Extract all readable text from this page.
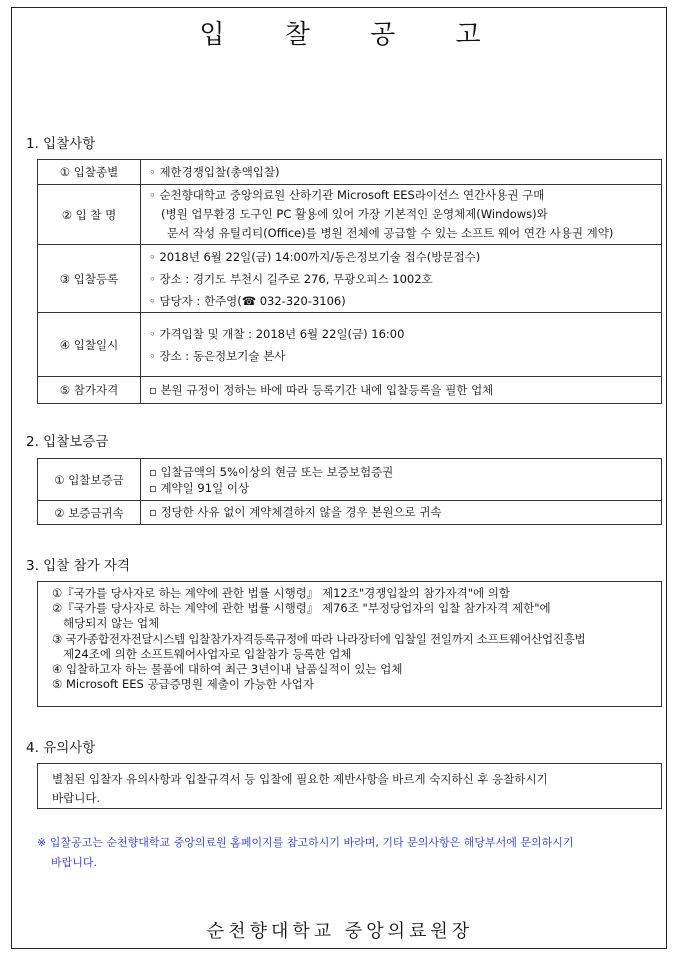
입 찰 공 고
1. 입찰사항
① 입찰종별	◦ 제한경쟁입찰(총액입찰)

② 입 찰 명	◦ 순천향대학교 중앙의료원 산하기관 Microsoft EES라이선스 연간사용권 구매
(병원 업무환경 도구인 PC 활용에 있어 가장 기본적인 운영체제(Windows)와
문서 작성 유틸리티(Office)를 병원 전체에 공급할 수 있는 소프트 웨어 연간 사용권 계약)

③ 입찰등록	◦ 2018년 6월 22일(금) 14:00까지/동은정보기술 접수(방문접수)
◦ 장소 : 경기도 부천시 길주로 276, 무광오피스 1002호
◦ 담당자 : 한주영(☎ 032-320-3106)

④ 입찰일시	◦ 가격입찰 및 개찰 : 2018년 6월 22일(금) 16:00
◦ 장소 : 동은정보기술 본사

⑤ 참가자격	▫ 본원 규정이 정하는 바에 따라 등록기간 내에 입찰등록을 필한 업체
2. 입찰보증금
① 입찰보증금	▫ 입찰금액의 5%이상의 현금 또는 보증보험증권
▫ 계약일 91일 이상

② 보증금귀속	▫ 정당한 사유 없이 계약체결하지 않을 경우 본원으로 귀속
3. 입찰 참가 자격
①『국가를 당사자로 하는 계약에 관한 법률 시행령』 제12조"경쟁입찰의 참가자격"에 의함
②『국가를 당사자로 하는 계약에 관한 법률 시행령』 제76조 "부정당업자의 입찰 참가자격 제한"에
해당되지 않는 업체
③ 국가종합전자전달시스템 입찰참가자격등록규정에 따라 나라장터에 입찰일 전일까지 소프트웨어산업진흥법
제24조에 의한 소프트웨어사업자로 입찰참가 등록한 업체
④ 입찰하고자 하는 물품에 대하여 최근 3년이내 납품실적이 있는 업체
⑤ Microsoft EES 공급증명원 제출이 가능한 사업자
4. 유의사항
별첨된 입찰자 유의사항과 입찰규격서 등 입찰에 필요한 제반사항을 바르게 숙지하신 후 응찰하시기
바랍니다.
※ 입찰공고는 순천향대학교 중앙의료원 홈페이지를 참고하시기 바라며, 기타 문의사항은 해당부서에 문의하시기
바랍니다.
순천향대학교 중앙의료원장
